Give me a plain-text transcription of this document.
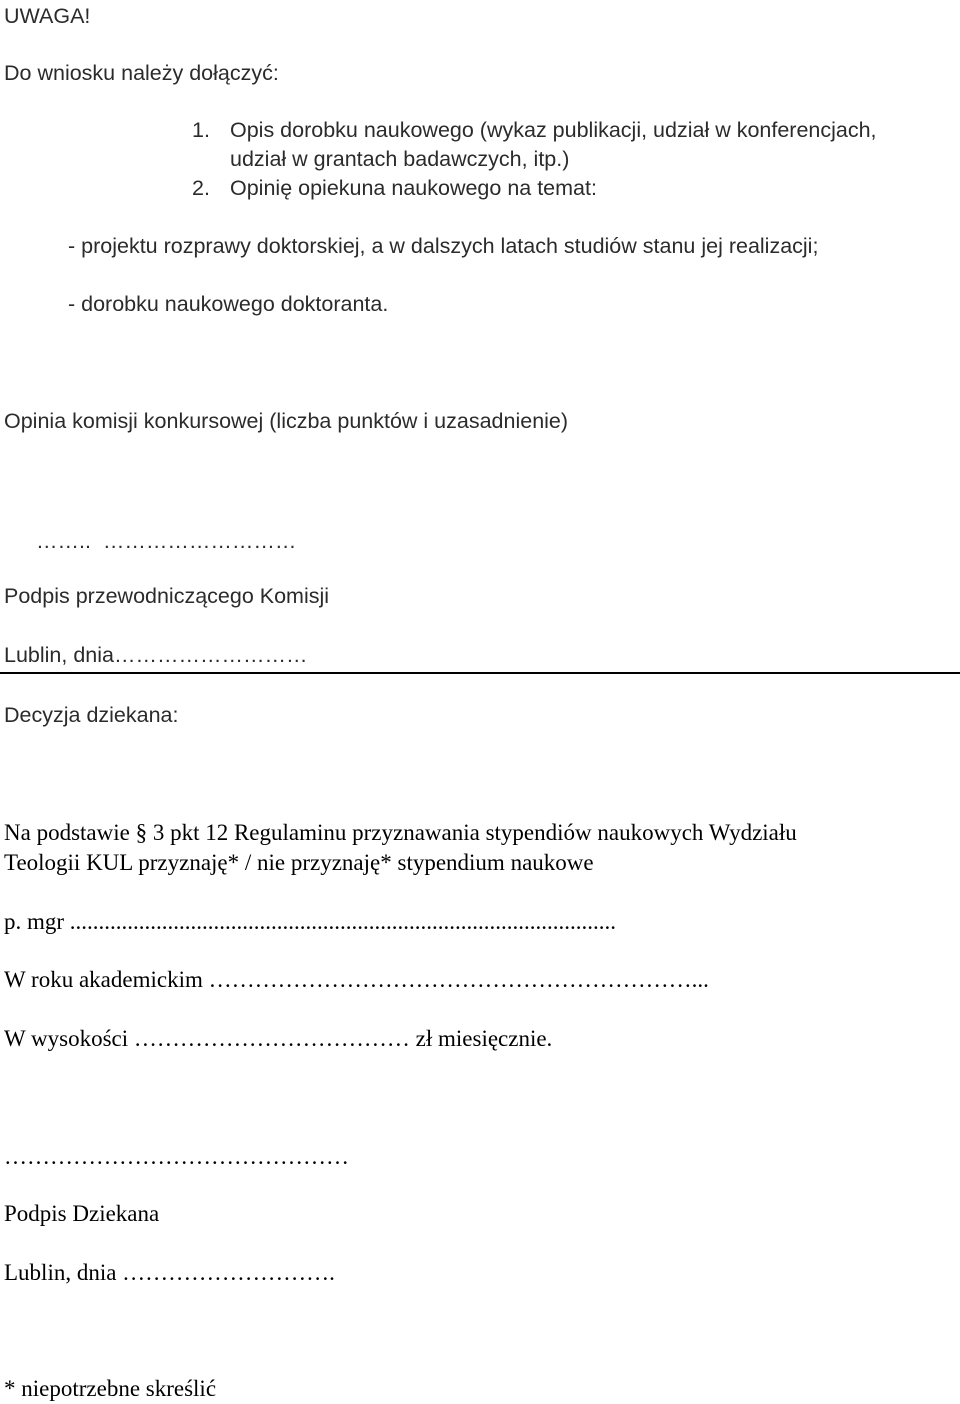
UWAGA!
Do wniosku należy dołączyć:
1. Opis dorobku naukowego (wykaz publikacji, udział w konferencjach,
udział w grantach badawczych, itp.)
2. Opinię opiekuna naukowego na temat:
- projektu rozprawy doktorskiej, a w dalszych latach studiów stanu jej realizacji;
- dorobku naukowego doktoranta.
Opinia komisji konkursowej (liczba punktów i uzasadnienie)
……..  ………………………
Podpis przewodniczącego Komisji
Lublin, dnia………………………
Decyzja dziekana:
Na podstawie § 3 pkt 12 Regulaminu przyznawania stypendiów naukowych Wydziału
Teologii KUL przyznaję* / nie przyznaję* stypendium naukowe
p. mgr ...............................................................................................
W roku akademickim ………………………………………………………...
W wysokości ……………………………… zł miesięcznie.
………………………………………
Podpis Dziekana
Lublin, dnia ……………………….
* niepotrzebne skreślić
